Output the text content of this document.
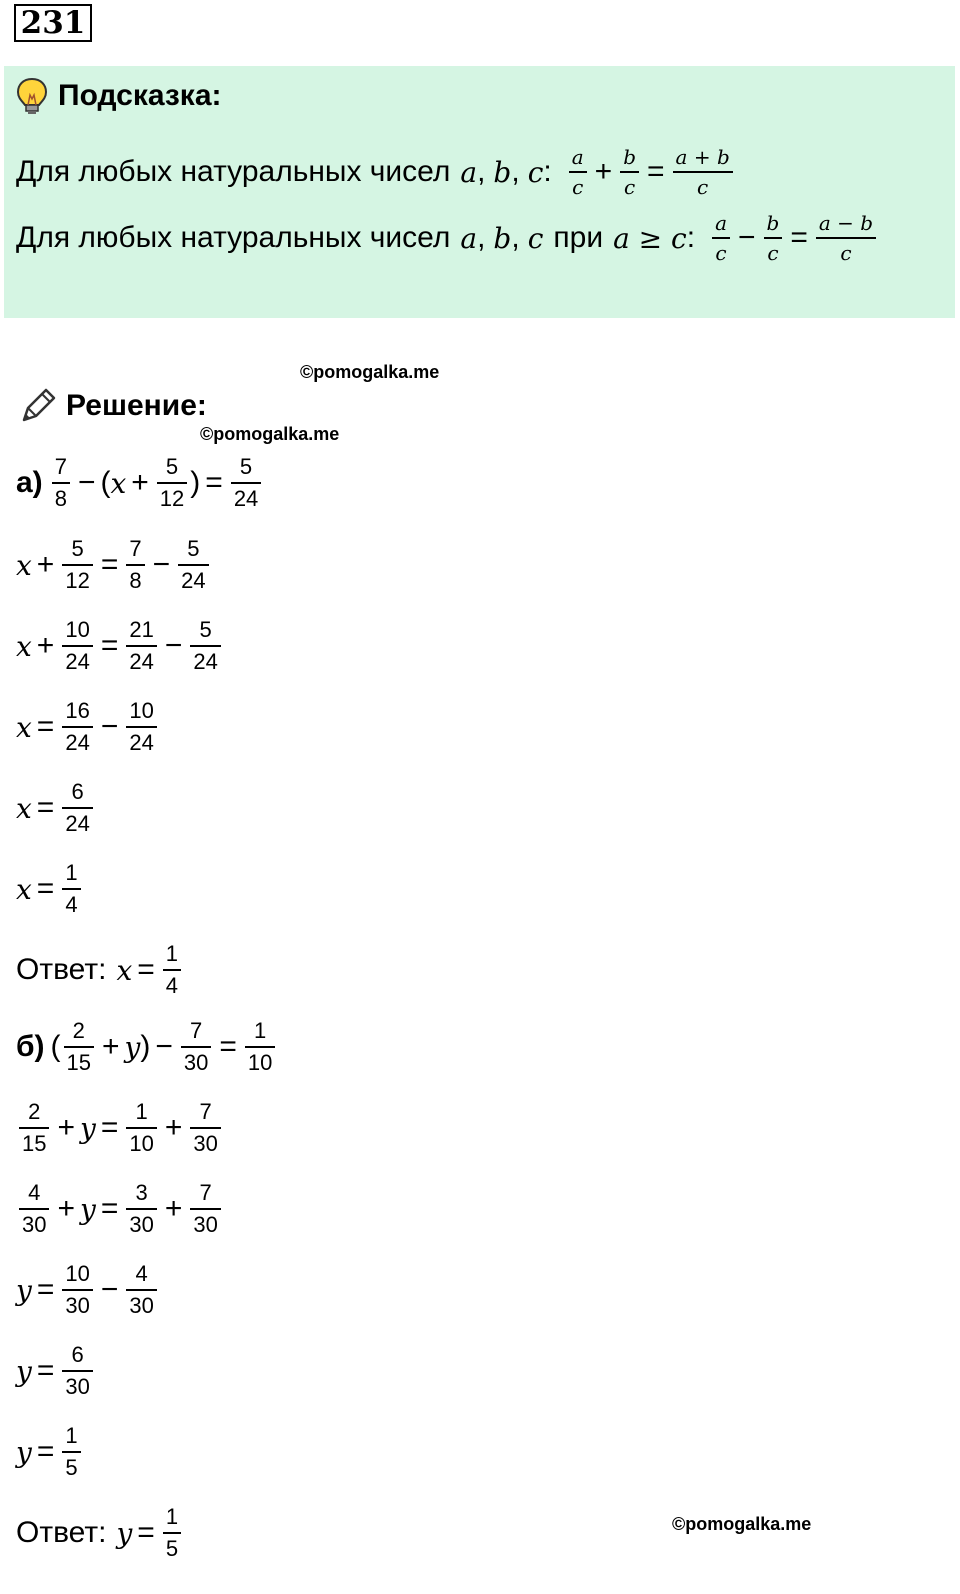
231
Подсказка:
Для любых натуральных чисел a , b , c : $\frac{a}{c} + \frac{b}{c} = \frac{a + b}{c}$
Для любых натуральных чисел a , b , c при a ≥ c : $\frac{a}{c} - \frac{b}{c} = \frac{a - b}{c}$
©pomogalka.me
Решение:
©pomogalka.me
$а) \frac{7}{8}$ − ( $x + \frac{5}{12}$ ) = $\frac{5}{24}$
$x + \frac{5}{12} = \frac{7}{8} - \frac{5}{24}$
$x + \frac{10}{24} = \frac{21}{24} - \frac{5}{24}$
$x = \frac{16}{24} - \frac{10}{24}$
$x = \frac{6}{24}$
$x = \frac{1}{4}$
Ответ: $x = \frac{1}{4}$
б) ( $\frac{2}{15} + y$ ) − $\frac{7}{30} = \frac{1}{10}$
$\frac{2}{15} + y = \frac{1}{10} + \frac{7}{30}$
$\frac{4}{30} + y = \frac{3}{30} + \frac{7}{30}$
$y = \frac{10}{30} - \frac{4}{30}$
$y = \frac{6}{30}$
$y = \frac{1}{5}$
Ответ: $y = \frac{1}{5}$	©pomogalka.me
